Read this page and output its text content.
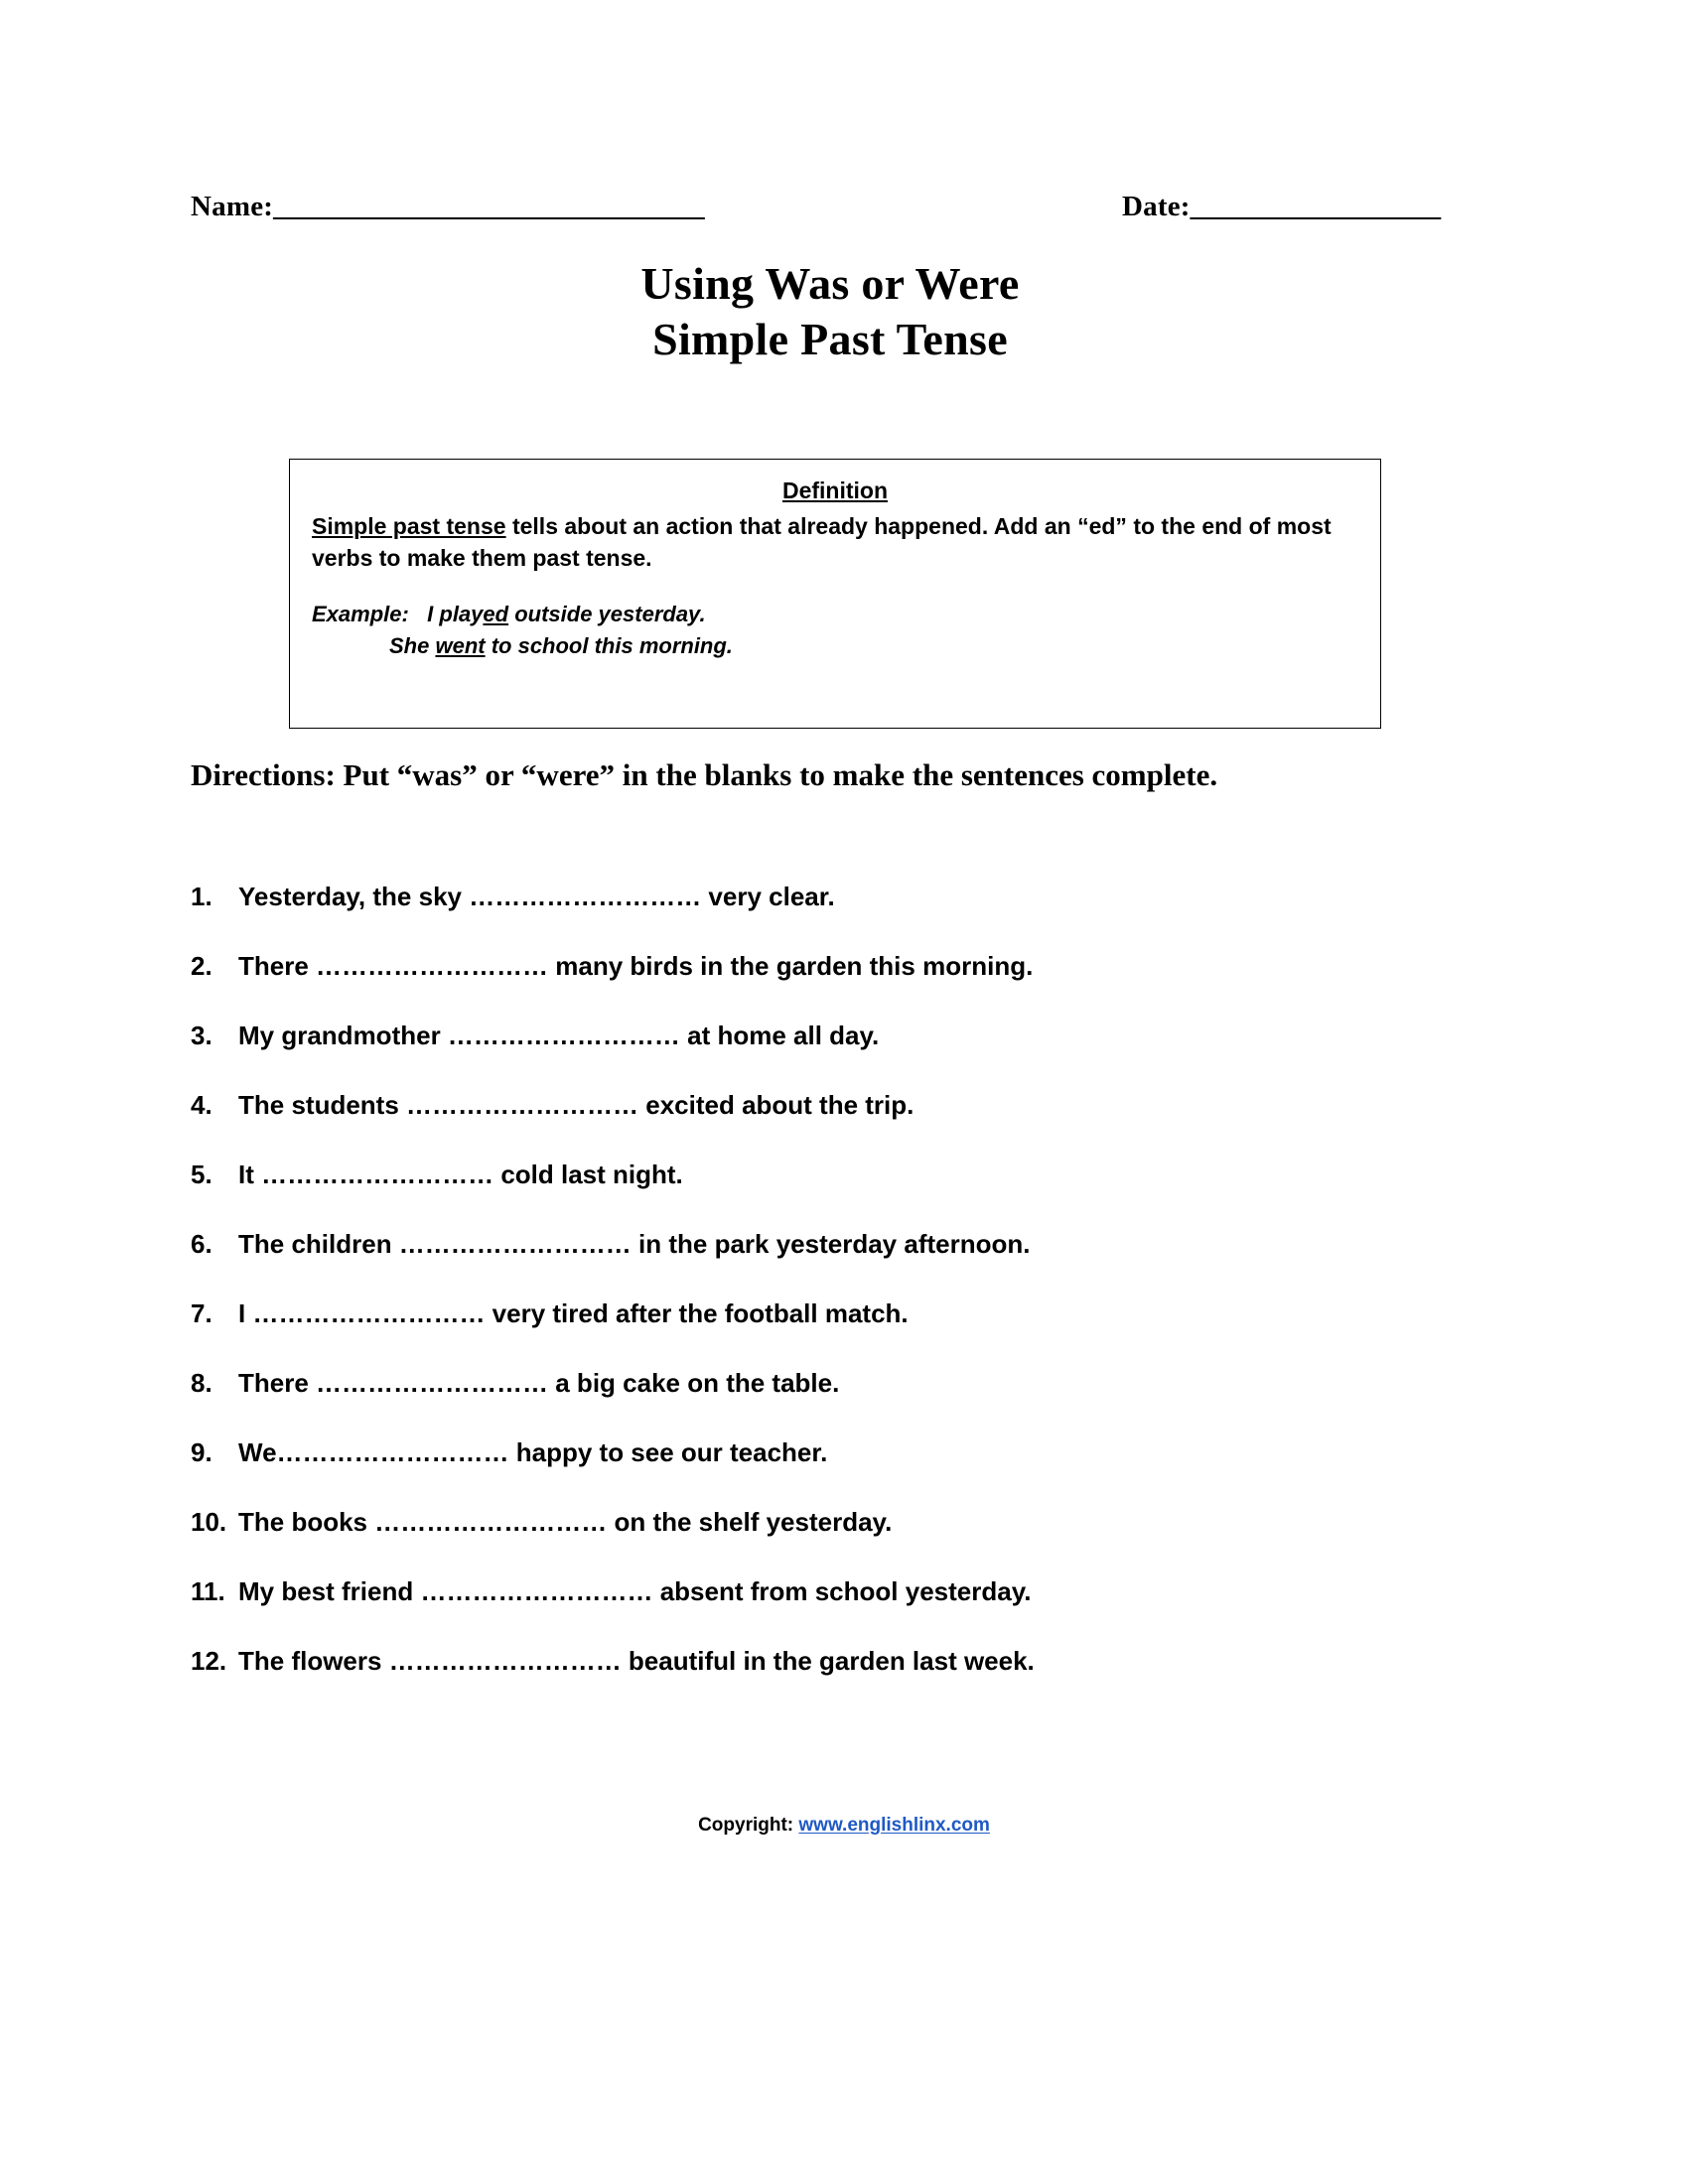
Name:_______________________________	Date:__________________
Using Was or Were
Simple Past Tense
Definition
Simple past tense tells about an action that already happened. Add an “ed” to the end of most verbs to make them past tense.
Example: I played outside yesterday.
She went to school this morning.
Directions: Put “was” or “were” in the blanks to make the sentences complete.
1. Yesterday, the sky ……………………… very clear.
2. There ……………………… many birds in the garden this morning.
3. My grandmother ……………………… at home all day.
4. The students ……………………… excited about the trip.
5. It ……………………… cold last night.
6. The children ……………………… in the park yesterday afternoon.
7. I ……………………… very tired after the football match.
8. There ……………………… a big cake on the table.
9. We……………………… happy to see our teacher.
10. The books ……………………… on the shelf yesterday.
11. My best friend ……………………… absent from school yesterday.
12. The flowers ……………………… beautiful in the garden last week.
Copyright: www.englishlinx.com
